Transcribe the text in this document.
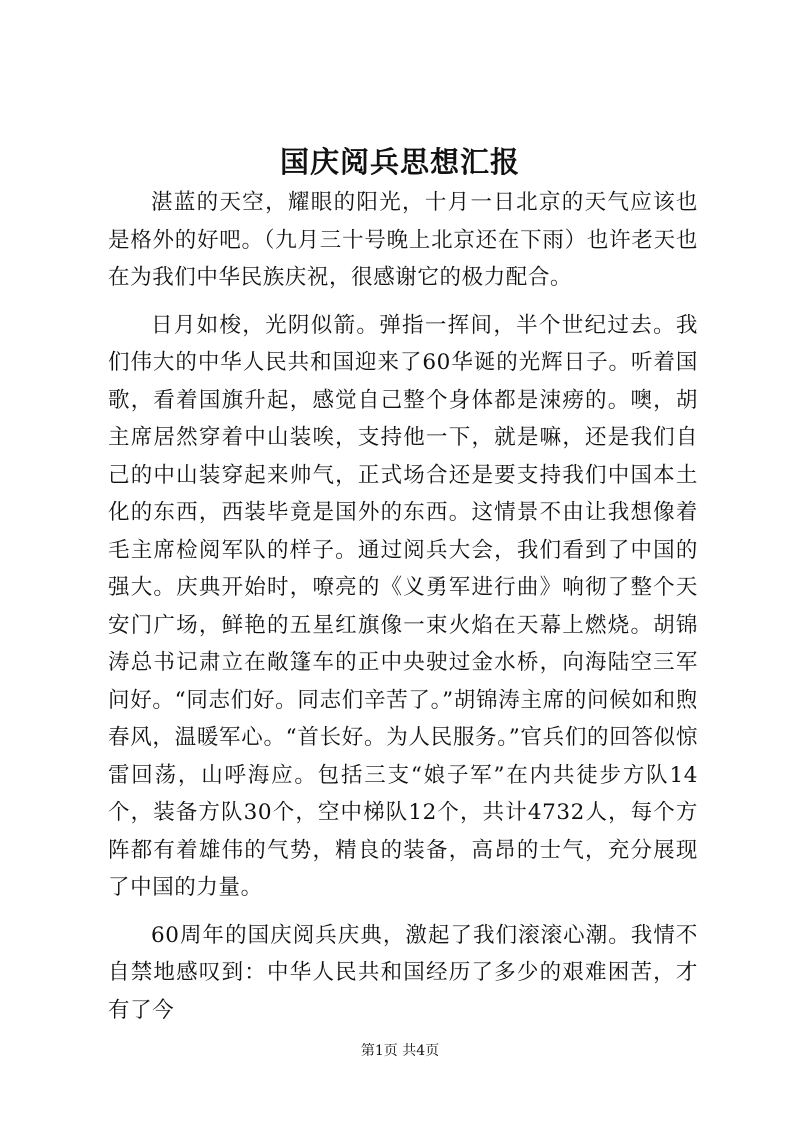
国庆阅兵思想汇报

湛蓝的天空，耀眼的阳光，十月一日北京的天气应该也是格外的好吧。（九月三十号晚上北京还在下雨）也许老天也在为我们中华民族庆祝，很感谢它的极力配合。

日月如梭，光阴似箭。弹指一挥间，半个世纪过去。我们伟大的中华人民共和国迎来了60华诞的光辉日子。听着国歌，看着国旗升起，感觉自己整个身体都是涑痨的。噢，胡主席居然穿着中山装唉，支持他一下，就是嘛，还是我们自己的中山装穿起来帅气，正式场合还是要支持我们中国本土化的东西，西装毕竟是国外的东西。这情景不由让我想像着毛主席检阅军队的样子。通过阅兵大会，我们看到了中国的强大。庆典开始时，嘹亮的《义勇军进行曲》响彻了整个天安门广场，鲜艳的五星红旗像一束火焰在天幕上燃烧。胡锦涛总书记肃立在敞篷车的正中央驶过金水桥，向海陆空三军问好。“同志们好。同志们辛苦了。”胡锦涛主席的问候如和煦春风，温暖军心。“首长好。为人民服务。”官兵们的回答似惊雷回荡，山呼海应。包括三支“娘子军”在内共徒步方队14个，装备方队30个，空中梯队12个，共计4732人，每个方阵都有着雄伟的气势，精良的装备，高昂的士气，充分展现了中国的力量。

60周年的国庆阅兵庆典，激起了我们滚滚心潮。我情不自禁地感叹到：中华人民共和国经历了多少的艰难困苦，才有了今

第1页 共4页
